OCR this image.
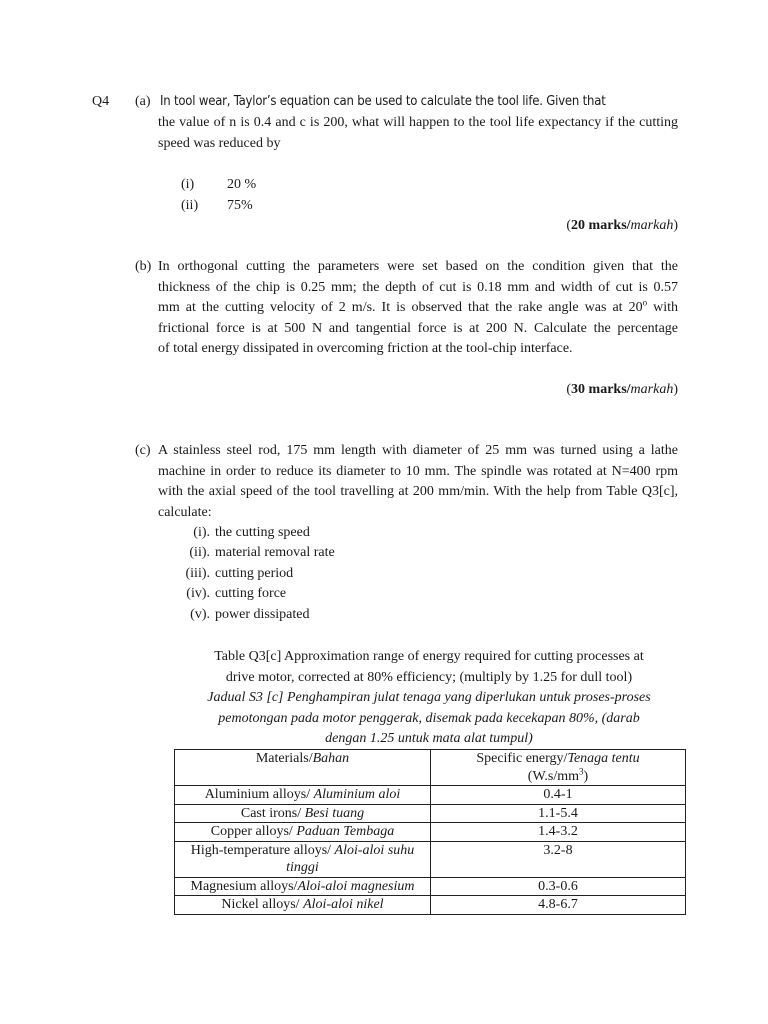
Q4 (a) In tool wear, Taylor’s equation can be used to calculate the tool life. Given that
the value of n is 0.4 and c is 200, what will happen to the tool life expectancy if the cutting speed was reduced by
(i)	20 %
(ii)	75%
(20 marks/markah)
(b) In orthogonal cutting the parameters were set based on the condition given that the
thickness of the chip is 0.25 mm; the depth of cut is 0.18 mm and width of cut is 0.57
mm at the cutting velocity of 2 m/s. It is observed that the rake angle was at 20$^o$ with
frictional force is at 500 N and tangential force is at 200 N. Calculate the percentage
of total energy dissipated in overcoming friction at the tool-chip interface.
(30 marks/markah)
(c) A stainless steel rod, 175 mm length with diameter of 25 mm was turned using a lathe machine in order to reduce its diameter to 10 mm. The spindle was rotated at N=400 rpm with the axial speed of the tool travelling at 200 mm/min. With the help from Table Q3[c], calculate:
(i). the cutting speed
(ii). material removal rate
(iii). cutting period
(iv). cutting force
(v). power dissipated
Table Q3[c] Approximation range of energy required for cutting processes at
drive motor, corrected at 80% efficiency; (multiply by 1.25 for dull tool)
Jadual S3 [c] Penghampiran julat tenaga yang diperlukan untuk proses-proses
pemotongan pada motor penggerak, disemak pada kecekapan 80%, (darab
dengan 1.25 untuk mata alat tumpul)
Materials/Bahan	Specific energy/Tenaga tentu
$(W.s/mm^3)$
Aluminium alloys/ Aluminium aloi	0.4-1
Cast irons/ Besi tuang	1.1-5.4
Copper alloys/ Paduan Tembaga	1.4-3.2
High-temperature alloys/ Aloi-aloi suhu tinggi	3.2-8
Magnesium alloys/Aloi-aloi magnesium	0.3-0.6
Nickel alloys/ Aloi-aloi nikel	4.8-6.7
